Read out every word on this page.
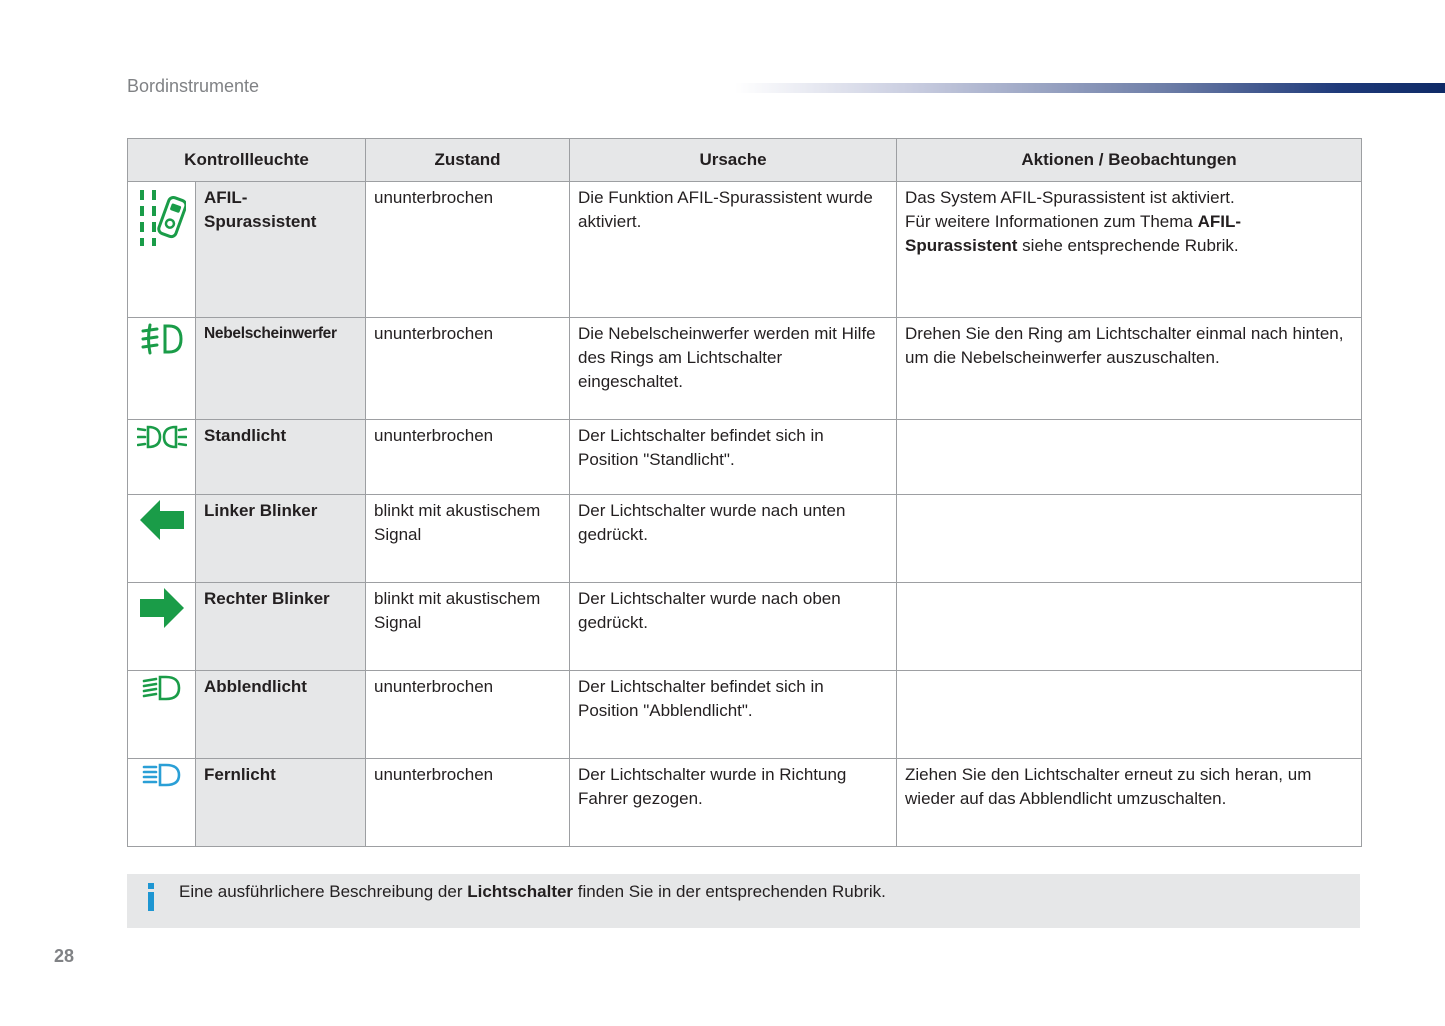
Bordinstrumente
Kontrollleuchte		Zustand	Ursache	Aktionen / Beobachtungen

	AFIL-
Spurassistent	ununterbrochen	Die Funktion AFIL-Spurassistent wurde aktiviert.	Das System AFIL-Spurassistent ist aktiviert.
Für weitere Informationen zum Thema AFIL-
Spurassistent siehe entsprechende Rubrik.

	Nebelscheinwerfer	ununterbrochen	Die Nebelscheinwerfer werden mit Hilfe des Rings am Lichtschalter eingeschaltet.	Drehen Sie den Ring am Lichtschalter einmal nach hinten, um die Nebelscheinwerfer auszuschalten.

	Standlicht	ununterbrochen	Der Lichtschalter befindet sich in Position "Standlicht".	

	Linker Blinker	blinkt mit akustischem Signal	Der Lichtschalter wurde nach unten gedrückt.	

	Rechter Blinker	blinkt mit akustischem Signal	Der Lichtschalter wurde nach oben gedrückt.	

	Abblendlicht	ununterbrochen	Der Lichtschalter befindet sich in Position "Abblendlicht".	

	Fernlicht	ununterbrochen	Der Lichtschalter wurde in Richtung Fahrer gezogen.	Ziehen Sie den Lichtschalter erneut zu sich heran, um wieder auf das Abblendlicht umzuschalten.
Eine ausführlichere Beschreibung der Lichtschalter finden Sie in der entsprechenden Rubrik.
28
